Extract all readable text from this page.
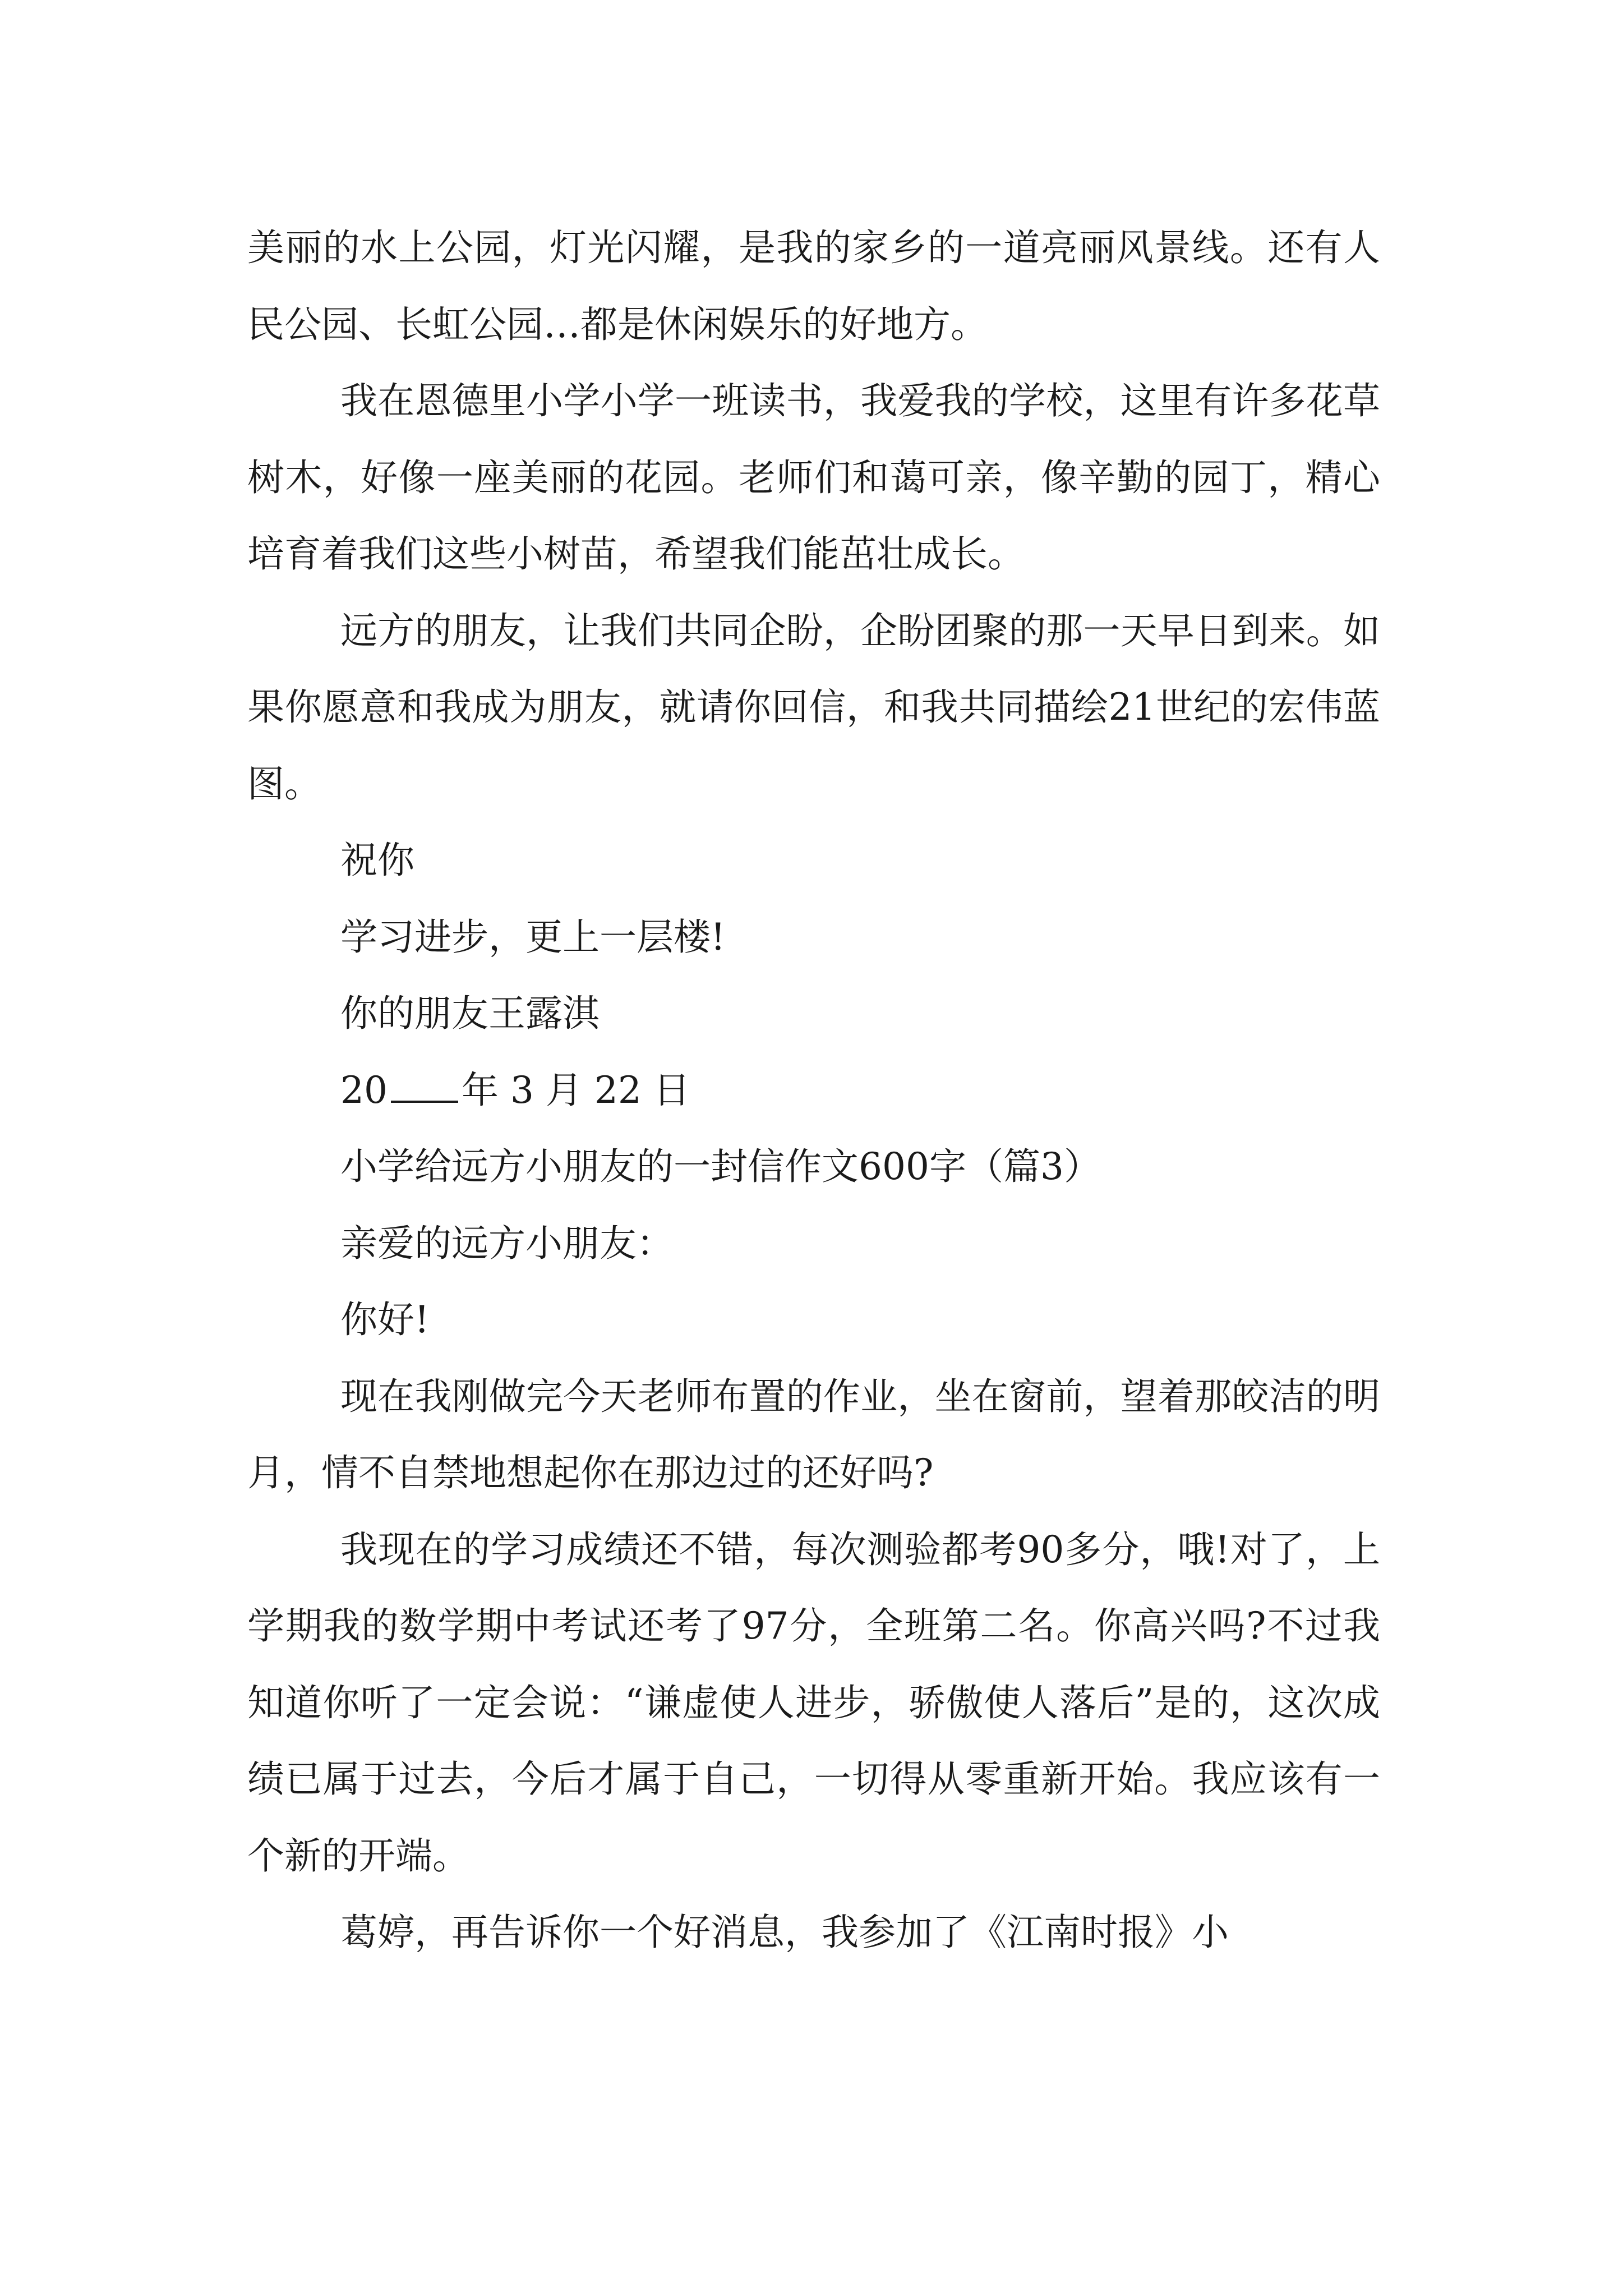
美丽的水上公园，灯光闪耀，是我的家乡的一道亮丽风景线。还有人民公园、长虹公园…都是休闲娱乐的好地方。

我在恩德里小学小学一班读书，我爱我的学校，这里有许多花草树木，好像一座美丽的花园。老师们和蔼可亲，像辛勤的园丁，精心培育着我们这些小树苗，希望我们能茁壮成长。

远方的朋友，让我们共同企盼，企盼团聚的那一天早日到来。如果你愿意和我成为朋友，就请你回信，和我共同描绘21世纪的宏伟蓝图。

祝你

学习进步，更上一层楼!

你的朋友王露淇

20 年 3 月 22 日

小学给远方小朋友的一封信作文600字（篇3）

亲爱的远方小朋友：

你好!

现在我刚做完今天老师布置的作业，坐在窗前，望着那皎洁的明月，情不自禁地想起你在那边过的还好吗?

我现在的学习成绩还不错，每次测验都考90多分，哦!对了，上学期我的数学期中考试还考了97分，全班第二名。你高兴吗?不过我知道你听了一定会说：“谦虚使人进步，骄傲使人落后”是的，这次成绩已属于过去，今后才属于自己，一切得从零重新开始。我应该有一个新的开端。

葛婷，再告诉你一个好消息，我参加了《江南时报》小
